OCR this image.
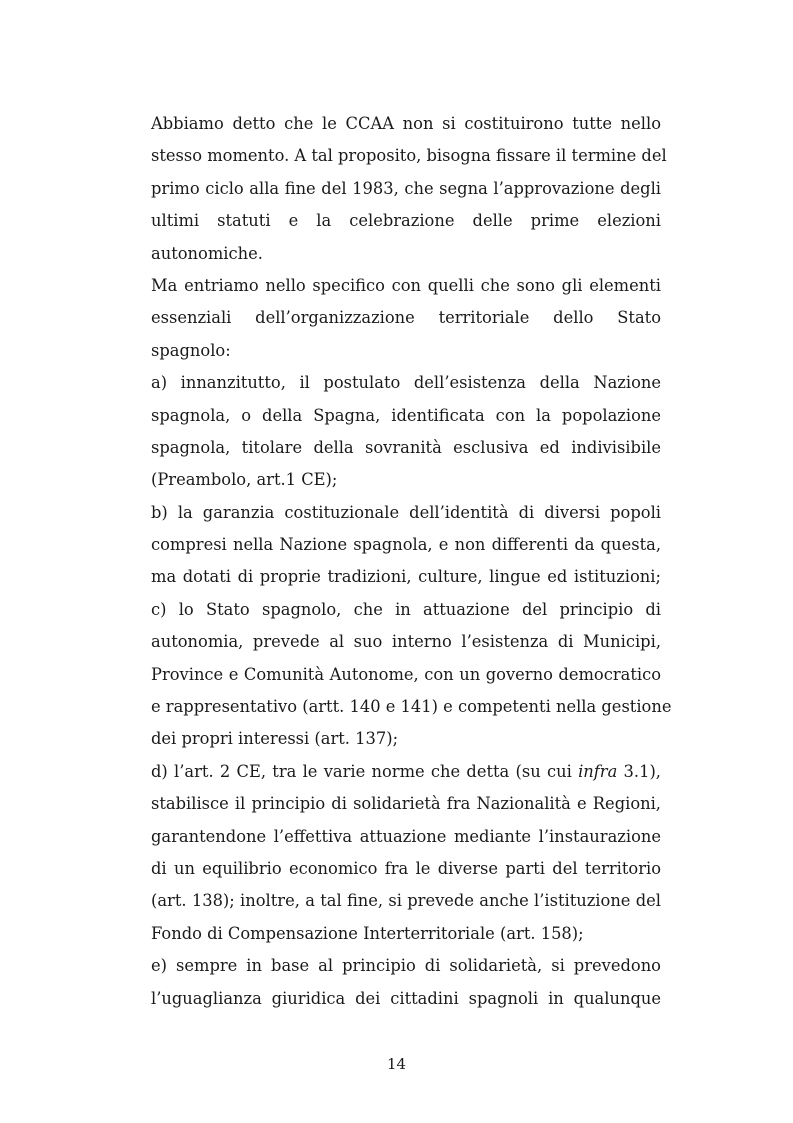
Abbiamo detto che le CCAA non si costituirono tutte nello
stesso momento. A tal proposito, bisogna fissare il termine del
primo ciclo alla fine del 1983, che segna l’approvazione degli
ultimi statuti e la celebrazione delle prime elezioni
autonomiche.
Ma entriamo nello specifico con quelli che sono gli elementi
essenziali dell’organizzazione territoriale dello Stato
spagnolo:
a) innanzitutto, il postulato dell’esistenza della Nazione
spagnola, o della Spagna, identificata con la popolazione
spagnola, titolare della sovranità esclusiva ed indivisibile
(Preambolo, art.1 CE);
b) la garanzia costituzionale dell’identità di diversi popoli
compresi nella Nazione spagnola, e non differenti da questa,
ma dotati di proprie tradizioni, culture, lingue ed istituzioni;
c) lo Stato spagnolo, che in attuazione del principio di
autonomia, prevede al suo interno l’esistenza di Municipi,
Province e Comunità Autonome, con un governo democratico
e rappresentativo (artt. 140 e 141) e competenti nella gestione
dei propri interessi (art. 137);
d) l’art. 2 CE, tra le varie norme che detta (su cui infra 3.1),
stabilisce il principio di solidarietà fra Nazionalità e Regioni,
garantendone l’effettiva attuazione mediante l’instaurazione
di un equilibrio economico fra le diverse parti del territorio
(art. 138); inoltre, a tal fine, si prevede anche l’istituzione del
Fondo di Compensazione Interterritoriale (art. 158);
e) sempre in base al principio di solidarietà, si prevedono
l’uguaglianza giuridica dei cittadini spagnoli in qualunque
14
